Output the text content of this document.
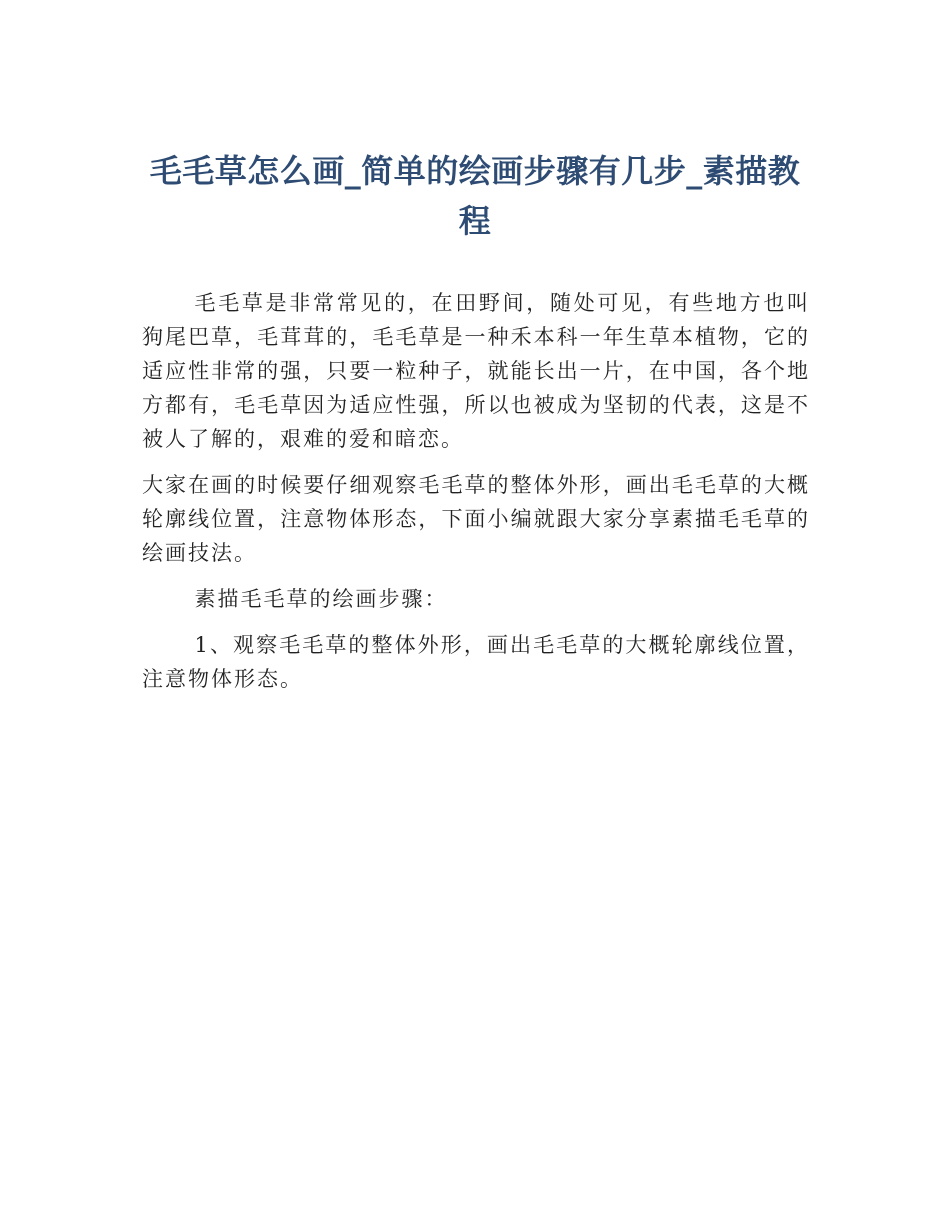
毛毛草怎么画_简单的绘画步骤有几步_素描教程

毛毛草是非常常见的，在田野间，随处可见，有些地方也叫狗尾巴草，毛茸茸的，毛毛草是一种禾本科一年生草本植物，它的适应性非常的强，只要一粒种子，就能长出一片，在中国，各个地方都有，毛毛草因为适应性强，所以也被成为坚韧的代表，这是不被人了解的，艰难的爱和暗恋。

大家在画的时候要仔细观察毛毛草的整体外形，画出毛毛草的大概轮廓线位置，注意物体形态，下面小编就跟大家分享素描毛毛草的绘画技法。

素描毛毛草的绘画步骤：

1、观察毛毛草的整体外形，画出毛毛草的大概轮廓线位置，注意物体形态。
